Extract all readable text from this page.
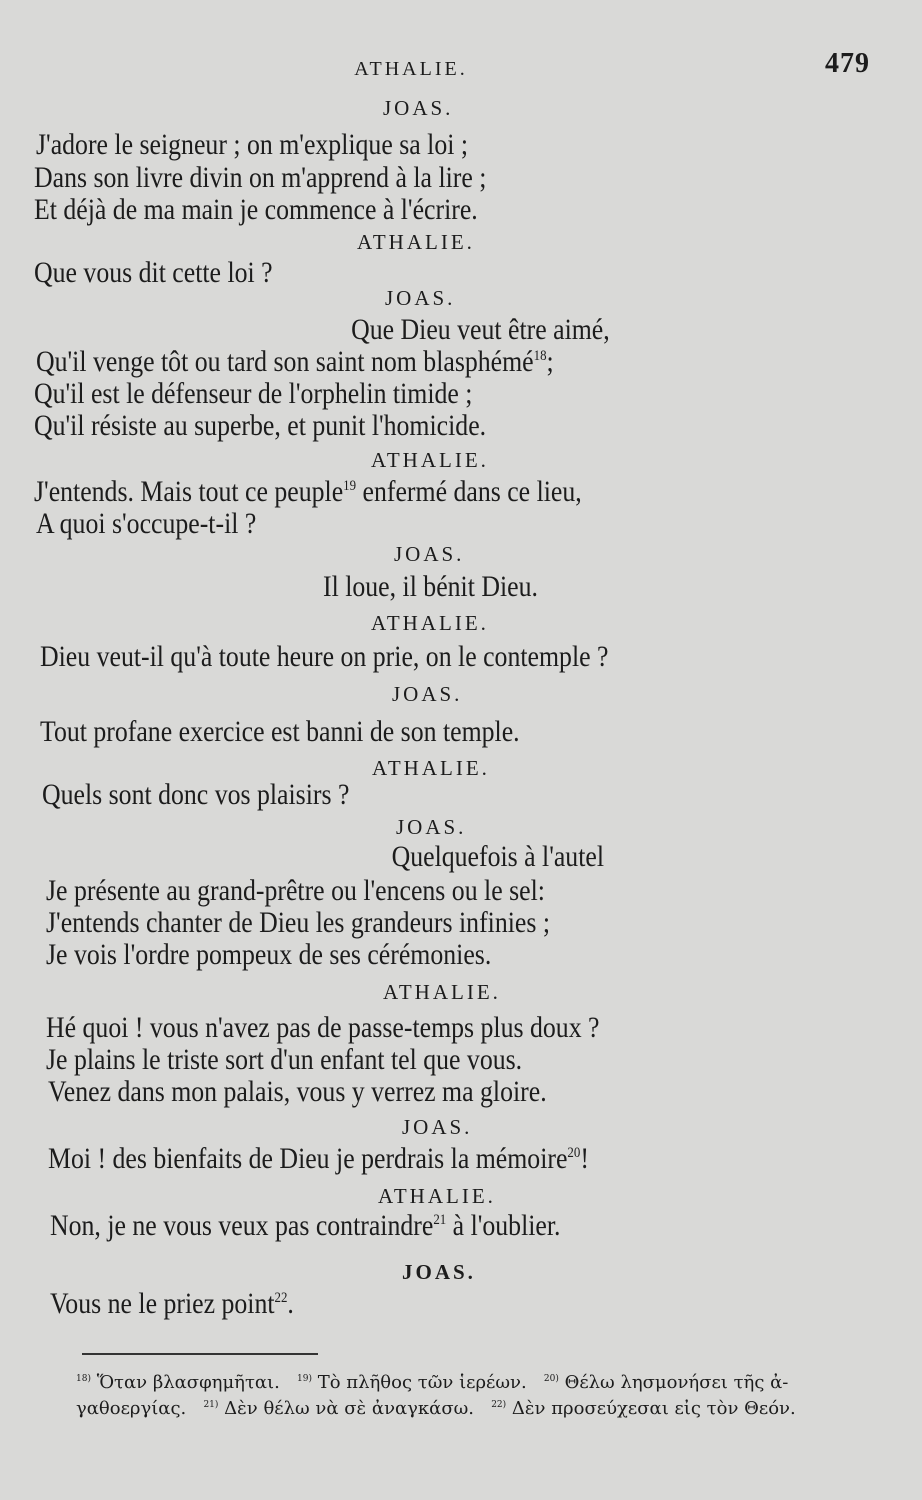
ATHALIE.	479
JOAS.
J'adore le seigneur ; on m'explique sa loi ;
Dans son livre divin on m'apprend à la lire ;
Et déjà de ma main je commence à l'écrire.
ATHALIE.
Que vous dit cette loi ?
JOAS.
Que Dieu veut être aimé,
Qu'il venge tôt ou tard son saint nom blasphémé$^{18}$;
Qu'il est le défenseur de l'orphelin timide ;
Qu'il résiste au superbe, et punit l'homicide.
ATHALIE.
J'entends. Mais tout ce peuple$^{19}$ enfermé dans ce lieu,
A quoi s'occupe-t-il ?
JOAS.
Il loue, il bénit Dieu.
ATHALIE.
Dieu veut-il qu'à toute heure on prie, on le contemple ?
JOAS.
Tout profane exercice est banni de son temple.
ATHALIE.
Quels sont donc vos plaisirs ?
JOAS.
Quelquefois à l'autel
Je présente au grand-prêtre ou l'encens ou le sel:
J'entends chanter de Dieu les grandeurs infinies ;
Je vois l'ordre pompeux de ses cérémonies.
ATHALIE.
Hé quoi ! vous n'avez pas de passe-temps plus doux ?
Je plains le triste sort d'un enfant tel que vous.
Venez dans mon palais, vous y verrez ma gloire.
JOAS.
Moi ! des bienfaits de Dieu je perdrais la mémoire$^{20}$!
ATHALIE.
Non, je ne vous veux pas contraindre$^{21}$ à l'oublier.
JOAS.
Vous ne le priez point$^{22}$.
$^{18)}$ Ὅταν βλασφημῆται. $^{19)}$ Τὸ πλῆθος τῶν ἱερέων. $^{20)}$ Θέλω λησμονήσει τῆς ἀ-
γαθοεργίας. $^{21)}$ Δὲν θέλω νὰ σὲ ἀναγκάσω. $^{22)}$ Δὲν προσεύχεσαι εἰς τὸν Θεόν.
